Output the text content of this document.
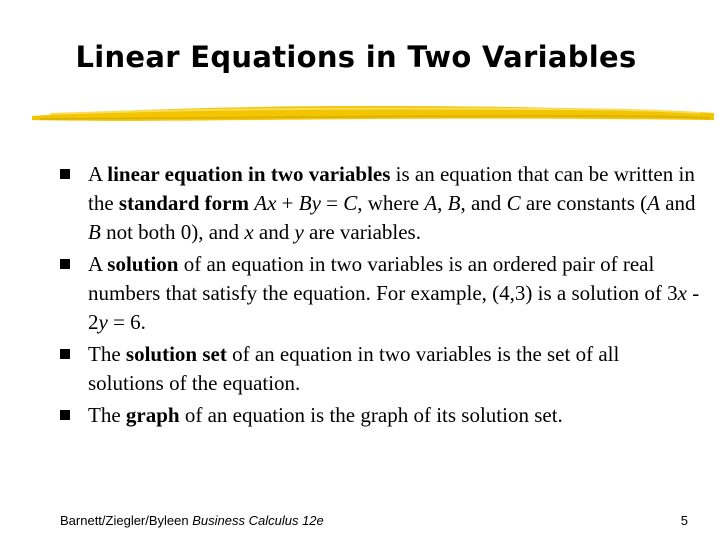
Linear Equations in Two Variables
A linear equation in two variables is an equation that can be written in the standard form Ax + By = C, where A, B, and C are constants (A and B not both 0), and x and y are variables.
A solution of an equation in two variables is an ordered pair of real numbers that satisfy the equation. For example, (4,3) is a solution of 3x - 2y = 6.
The solution set of an equation in two variables is the set of all solutions of the equation.
The graph of an equation is the graph of its solution set.
Barnett/Ziegler/Byleen Business Calculus 12e	5
